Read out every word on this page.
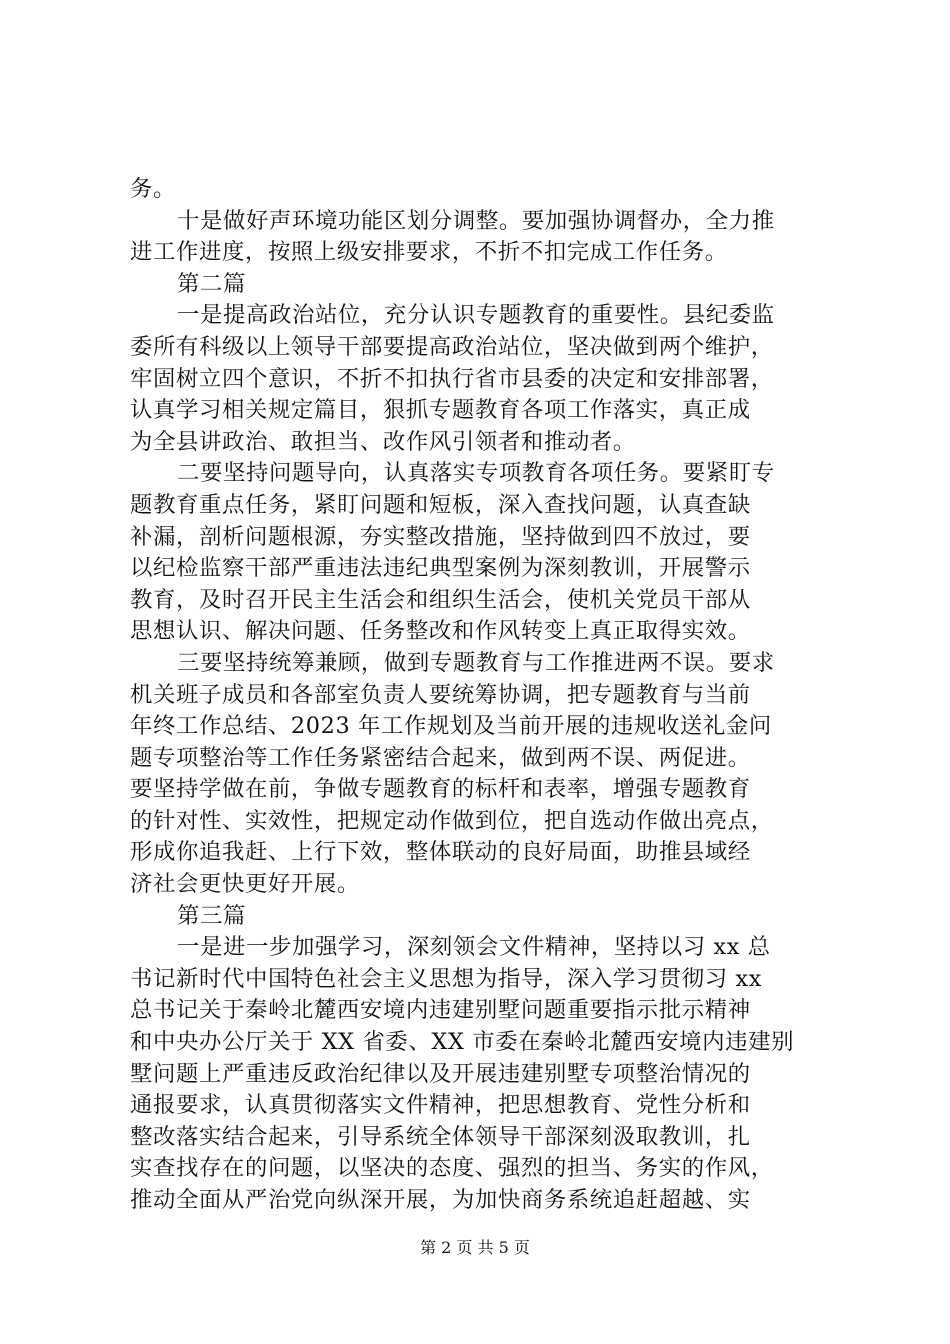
务。
十是做好声环境功能区划分调整。要加强协调督办，全力推
进工作进度，按照上级安排要求，不折不扣完成工作任务。
第二篇
一是提高政治站位，充分认识专题教育的重要性。县纪委监
委所有科级以上领导干部要提高政治站位，坚决做到两个维护，
牢固树立四个意识，不折不扣执行省市县委的决定和安排部署，
认真学习相关规定篇目，狠抓专题教育各项工作落实，真正成
为全县讲政治、敢担当、改作风引领者和推动者。
二要坚持问题导向，认真落实专项教育各项任务。要紧盯专
题教育重点任务，紧盯问题和短板，深入查找问题，认真查缺
补漏，剖析问题根源，夯实整改措施，坚持做到四不放过，要
以纪检监察干部严重违法违纪典型案例为深刻教训，开展警示
教育，及时召开民主生活会和组织生活会，使机关党员干部从
思想认识、解决问题、任务整改和作风转变上真正取得实效。
三要坚持统筹兼顾，做到专题教育与工作推进两不误。要求
机关班子成员和各部室负责人要统筹协调，把专题教育与当前
年终工作总结、2023 年工作规划及当前开展的违规收送礼金问
题专项整治等工作任务紧密结合起来，做到两不误、两促进。
要坚持学做在前，争做专题教育的标杆和表率，增强专题教育
的针对性、实效性，把规定动作做到位，把自选动作做出亮点，
形成你追我赶、上行下效，整体联动的良好局面，助推县域经
济社会更快更好开展。
第三篇
一是进一步加强学习，深刻领会文件精神，坚持以习 xx 总
书记新时代中国特色社会主义思想为指导，深入学习贯彻习 xx
总书记关于秦岭北麓西安境内违建别墅问题重要指示批示精神
和中央办公厅关于 XX 省委、XX 市委在秦岭北麓西安境内违建别
墅问题上严重违反政治纪律以及开展违建别墅专项整治情况的
通报要求，认真贯彻落实文件精神，把思想教育、党性分析和
整改落实结合起来，引导系统全体领导干部深刻汲取教训，扎
实查找存在的问题，以坚决的态度、强烈的担当、务实的作风，
推动全面从严治党向纵深开展，为加快商务系统追赶超越、实
第 2 页 共 5 页
